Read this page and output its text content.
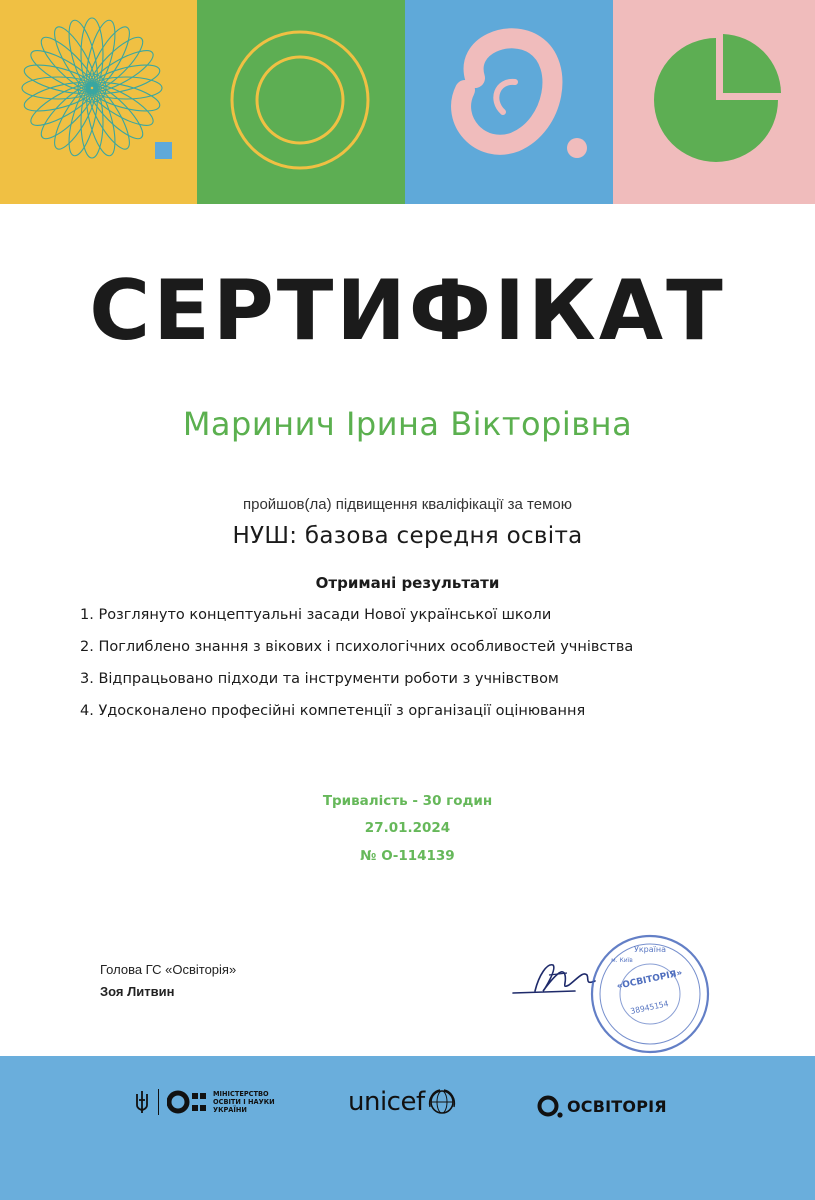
СЕРТИФІКАТ
Маринич Ірина Вікторівна
пройшов(ла) підвищення кваліфікації за темою
НУШ: базова середня освіта
Отримані результати
1. Розглянуто концептуальні засади Нової української школи
2. Поглиблено знання з вікових і психологічних особливостей учнівства
3. Відпрацьовано підходи та інструменти роботи з учнівством
4. Удосконалено професійні компетенції з організації оцінювання
Тривалість - 30 годин
27.01.2024
№ О-114139
Голова ГС «Освіторія»
Зоя Литвин
Україна
м. Київ
«ОСВІТОРІЯ»
38945154
МІНІСТЕРСТВО ОСВІТИ І НАУКИ УКРАЇНИ	unicef	ОСВІТОРІЯ
